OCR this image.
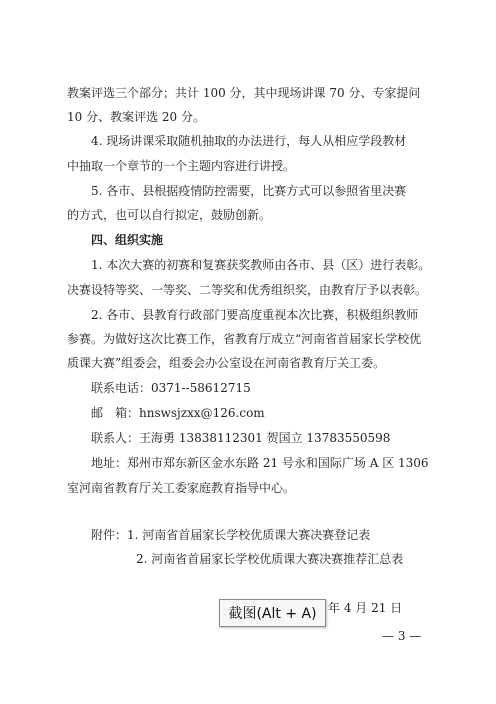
教案评选三个部分；共计 100 分，其中现场讲课 70 分、专家提问
10 分、教案评选 20 分。
4. 现场讲课采取随机抽取的办法进行，每人从相应学段教材
中抽取一个章节的一个主题内容进行讲授。
5. 各市、县根据疫情防控需要，比赛方式可以参照省里决赛
的方式，也可以自行拟定，鼓励创新。
四、组织实施
1. 本次大赛的初赛和复赛获奖教师由各市、县（区）进行表彰。
决赛设特等奖、一等奖、二等奖和优秀组织奖，由教育厅予以表彰。
2. 各市、县教育行政部门要高度重视本次比赛，积极组织教师
参赛。为做好这次比赛工作，省教育厅成立“河南省首届家长学校优
质课大赛”组委会，组委会办公室设在河南省教育厅关工委。
联系电话：0371--58612715
邮　箱：hnswsjzxx@126.com
联系人：王海勇 13838112301 贺国立 13783550598
地址：郑州市郑东新区金水东路 21 号永和国际广场 A 区 1306
室河南省教育厅关工委家庭教育指导中心。
附件：1. 河南省首届家长学校优质课大赛决赛登记表
2. 河南省首届家长学校优质课大赛决赛推荐汇总表
年 4 月 21 日
— 3 —
截图(Alt + A)
